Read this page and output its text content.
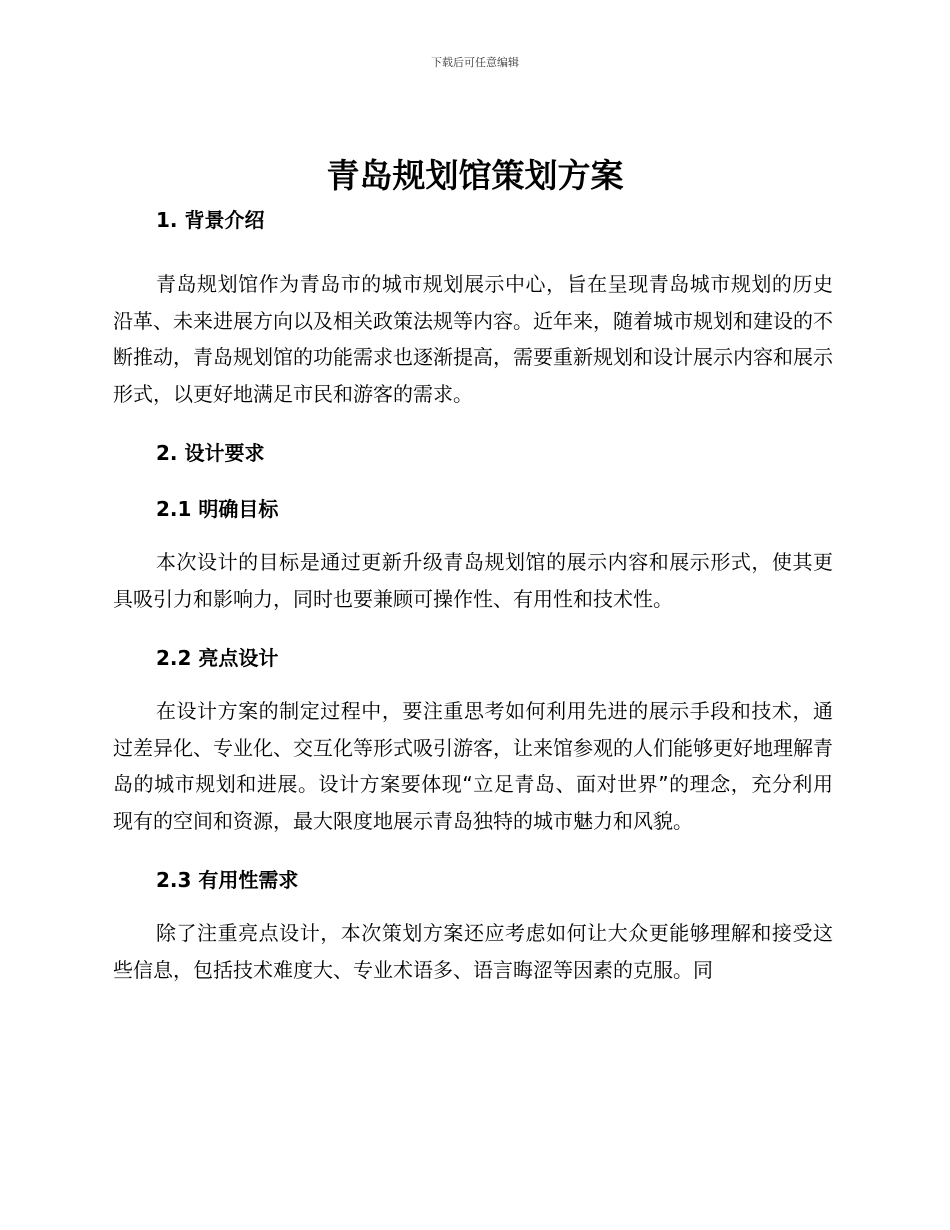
下载后可任意编辑
青岛规划馆策划方案

1. 背景介绍

青岛规划馆作为青岛市的城市规划展示中心，旨在呈现青岛城市规划的历史沿革、未来进展方向以及相关政策法规等内容。近年来，随着城市规划和建设的不断推动，青岛规划馆的功能需求也逐渐提高，需要重新规划和设计展示内容和展示形式，以更好地满足市民和游客的需求。

2. 设计要求

2.1 明确目标

本次设计的目标是通过更新升级青岛规划馆的展示内容和展示形式，使其更具吸引力和影响力，同时也要兼顾可操作性、有用性和技术性。

2.2 亮点设计

在设计方案的制定过程中，要注重思考如何利用先进的展示手段和技术，通过差异化、专业化、交互化等形式吸引游客，让来馆参观的人们能够更好地理解青岛的城市规划和进展。设计方案要体现“立足青岛、面对世界”的理念，充分利用现有的空间和资源，最大限度地展示青岛独特的城市魅力和风貌。

2.3 有用性需求

除了注重亮点设计，本次策划方案还应考虑如何让大众更能够理解和接受这些信息，包括技术难度大、专业术语多、语言晦涩等因素的克服。同
